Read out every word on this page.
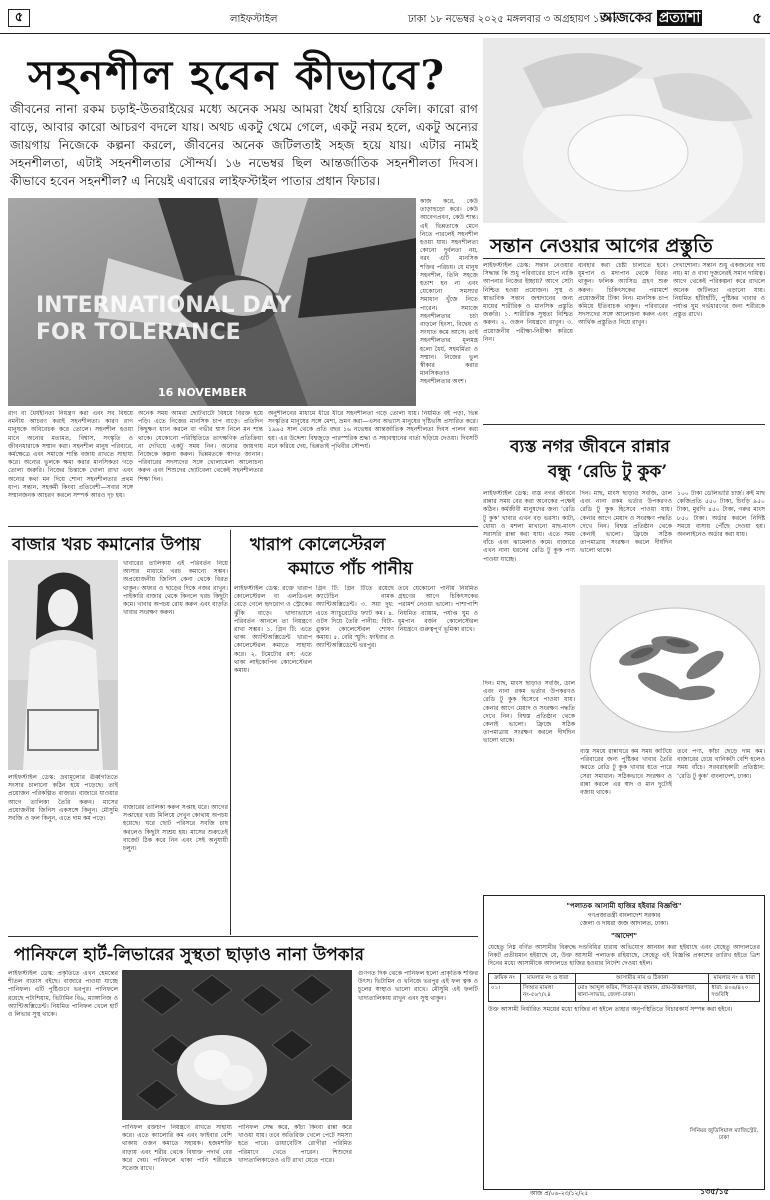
৫	লাইফস্টাইল	ঢাকা ১৮ নভেম্বর ২০২৫ মঙ্গলবার ৩ অগ্রহায়ণ ১৪৩২
আজকের প্রত্যাশা	৫
সহনশীল হবেন কীভাবে?
জীবনের নানা রকম চড়াই-উতরাইয়ের মধ্যে অনেক সময় আমরা ধৈর্য হারিয়ে ফেলি। কারো রাগ বাড়ে, আবার কারো আচরণ বদলে যায়। অথচ একটু থেমে গেলে, একটু নরম হলে, একটু অন্যের জায়গায় নিজেকে কল্পনা করলে, জীবনের অনেক জটিলতাই সহজ হয়ে যায়। এটার নামই সহনশীলতা, এটাই সহনশীলতার সৌন্দর্য। ১৬ নভেম্বর ছিল আন্তর্জাতিক সহনশীলতা দিবস। কীভাবে হবেন সহনশীল? এ নিয়েই এবারের লাইফস্টাইল পাতার প্রধান ফিচার।
INTERNATIONAL DAY
FOR TOLERANCE
16 NOVEMBER
কাজ করে, কেউ তাড়াহুড়ো করে। কেউ আবেগপ্রবণ, কেউ শান্ত। এই ভিন্নতাকে মেনে নিতে পারলেই সহনশীল হওয়া যায়। সহনশীলতা কোনো দুর্বলতা নয়, বরং এটি মানসিক শক্তির পরিচয়। যে মানুষ সহনশীল, তিনি সহজে হতাশ হন না এবং যেকোনো সমস্যার সমাধান খুঁজে নিতে পারেন। সমাজে সহনশীলতার চর্চা বাড়লে হিংসা, বিদ্বেষ ও সংঘাত কমে আসে। তাই সহনশীলতার মূলমন্ত্র হলো ধৈর্য, সহমর্মিতা ও সম্মান। নিজের ভুল স্বীকার করার মানসিকতাও সহনশীলতার অংশ।
রাগ বা ধৈর্যহীনতা নিয়ন্ত্রণ করা এবং সব বিষয়ে নমনীয় আচরণ করাই সহনশীলতা। কারণ রাগ মানুষকে অবিবেচক করে তোলে। সহনশীল হওয়া মানে অন্যের মতামত, বিশ্বাস, সংস্কৃতি ও জীবনধারাকে সম্মান করা। সহনশীল মানুষ পরিবারে, কর্মক্ষেত্রে এবং সমাজে শান্তি বজায় রাখতে সাহায্য করে। অন্যের ভুলকে ক্ষমা করার মানসিকতা গড়ে তোলা জরুরি। নিজের চিন্তাকে খোলা রাখা এবং অন্যের কথা মন দিয়ে শোনা সহনশীলতার প্রথম ধাপ। সন্তান, সহকর্মী কিংবা প্রতিবেশী—সবার সঙ্গে সম্মানজনক আচরণ করলে সম্পর্ক আরও দৃঢ় হয়।
অনেক সময় আমরা ছোটখাটো বিষয়ে বিরক্ত হয়ে পড়ি। এতে নিজের মানসিক চাপ বাড়ে। প্রতিদিন কিছুক্ষণ ধ্যান করলে বা গভীর শ্বাস নিলে মন শান্ত থাকে। যেকোনো পরিস্থিতিতে তাৎক্ষণিক প্রতিক্রিয়া না দেখিয়ে একটু সময় নিন। অন্যের জায়গায় নিজেকে কল্পনা করুন। ভিন্নমতকে স্বাগত জানান। পরিবারের সদস্যদের সঙ্গে খোলামেলা আলোচনা করুন এবং শিশুদের ছোটবেলা থেকেই সহনশীলতার শিক্ষা দিন।
অনুশীলনের মাধ্যমে ধীরে ধীরে সহনশীলতা গড়ে তোলা যায়। নিয়মিত বই পড়া, ভিন্ন সংস্কৃতির মানুষের সঙ্গে মেশা, ভ্রমণ করা—এসব অভ্যাস মানুষের দৃষ্টিভঙ্গি প্রসারিত করে। ১৯৯৫ সাল থেকে প্রতি বছর ১৬ নভেম্বর আন্তর্জাতিক সহনশীলতা দিবস পালন করা হয়। এর উদ্দেশ্য বিশ্বজুড়ে পারস্পরিক শ্রদ্ধা ও সহাবস্থানের বার্তা ছড়িয়ে দেওয়া। দিবসটি মনে করিয়ে দেয়, ভিন্নতাই পৃথিবীর সৌন্দর্য।
সন্তান নেওয়ার আগের প্রস্তুতি
লাইফস্টাইল ডেস্ক: সন্তান নেওয়ার সিদ্ধান্ত কি শুধু পরিবারের চাপে নাকি আপনার নিজের ইচ্ছায়? আগে সেটা নিশ্চিত হওয়া প্রয়োজন। সুস্থ ও স্বাভাবিক সন্তান জন্মদানের জন্য মায়ের শারীরিক ও মানসিক প্রস্তুতি জরুরি। ১. শারীরিক সুস্থতা নিশ্চিত করুন। ২. ওজন নিয়ন্ত্রণে রাখুন। ৩. প্রয়োজনীয় পরীক্ষা-নিরীক্ষা করিয়ে নিন।
ব্যবহার করা চেষ্টা চালাতে হবে। ধূমপান ও মদ্যপান থেকে বিরত থাকুন। ফলিক অ্যাসিড গ্রহণ শুরু করুন। চিকিৎসকের পরামর্শে প্রয়োজনীয় টিকা নিন। মানসিক চাপ কমিয়ে ইতিবাচক থাকুন। পরিবারের সদস্যদের সঙ্গে আলোচনা করুন এবং আর্থিক প্রস্তুতিও নিয়ে রাখুন।
দেখাশোনা। সন্তান শুধু একজনের দায় নয়। মা ও বাবা দুজনেরই সমান দায়িত্ব। আগে থেকেই পরিকল্পনা করে রাখলে অনেক জটিলতা এড়ানো যায়। নিয়মিত হাঁটাহাঁটি, পুষ্টিকর খাবার ও পর্যাপ্ত ঘুম গর্ভধারণের জন্য শরীরকে প্রস্তুত রাখে।
ব্যস্ত নগর জীবনে রান্নার
বন্ধু ‘রেডি টু কুক’
লাইফস্টাইল ডেস্ক: ব্যস্ত নগর জীবনে রান্নার সময় বের করা অনেকের পক্ষেই কঠিন। কর্মজীবী মানুষদের জন্য ‘রেডি টু কুক’ খাবার এখন বড় ভরসা। কাটা, ধোয়া ও মশলা মাখানো মাছ-মাংস সরাসরি রান্না করা যায়। এতে সময় বাঁচে এবং ঝামেলাও কমে। বাজারে এখন নানা ধরনের রেডি টু কুক পণ্য পাওয়া যাচ্ছে।
দিন। মাছ, মাংস ছাড়াও সবজি, ডাল এবং নানা রকম ভর্তার উপকরণও রেডি টু কুক হিসেবে পাওয়া যায়। কেনার আগে মেয়াদ ও সংরক্ষণ পদ্ধতি দেখে নিন। বিশ্বস্ত প্রতিষ্ঠান থেকে কেনাই ভালো। ফ্রিজে সঠিক তাপমাত্রায় সংরক্ষণ করলে দীর্ঘদিন ভালো থাকে।
১০০ টাকা ডেলিভারি চার্জ। রুই মাছ কেজিপ্রতি ৫৫০ টাকা, চিংড়ি ৯৫০ টাকা, মুরগি ৪৫০ টাকা, গরুর মাংস ৮৫০ টাকা। অর্ডার করলে নির্দিষ্ট সময়ে বাসায় পৌঁছে দেওয়া হয়। অনলাইনেও অর্ডার করা যায়।
ব্যস্ত সময়ে রান্নাঘরে কম সময় কাটিয়ে পরিবারের জন্য পুষ্টিকর খাবার তৈরি করতে রেডি টু কুক খাবার হতে পারে সেরা সমাধান। সঠিকভাবে সংরক্ষণ ও রান্না করলে এর স্বাদ ও মান দুটোই বজায় থাকে।
তবে পণ্য, কাঁচা ছেড়ে দাম কম। বাজারের চেয়ে খানিকটা বেশি হলেও সময় বাঁচে। সরবরাহকারী প্রতিষ্ঠান: ‘রেডি টু কুক’ বাংলাদেশ, ঢাকা।
দিন। মাছ, মাংস ছাড়াও সবজি, ডাল এবং নানা রকম ভর্তার উপকরণও রেডি টু কুক হিসেবে পাওয়া যায়। কেনার আগে মেয়াদ ও সংরক্ষণ পদ্ধতি দেখে নিন। বিশ্বস্ত প্রতিষ্ঠান থেকে কেনাই ভালো। ফ্রিজে সঠিক তাপমাত্রায় সংরক্ষণ করলে দীর্ঘদিন ভালো থাকে।
বাজার খরচ কমানোর উপায়
লাইফস্টাইল ডেস্ক: দ্রব্যমূল্যের ঊর্ধ্বগতিতে সংসার চালানো কঠিন হয়ে পড়েছে। তাই প্রয়োজন পরিকল্পিত বাজার। বাজারে যাওয়ার আগে তালিকা তৈরি করুন। মাসের প্রয়োজনীয় জিনিস একসঙ্গে কিনুন। মৌসুমি সবজি ও ফল কিনুন, এতে দাম কম পড়ে।
খাবারের তালিকায় এই পরিবর্তন নিয়ে আসার মাধ্যমে খরচ কমানো সম্ভব। অপ্রয়োজনীয় জিনিস কেনা থেকে বিরত থাকুন। অফার ও ছাড়ের দিকে নজর রাখুন। পাইকারি বাজার থেকে কিনলে খরচ কিছুটা কমে। খাবার অপচয় রোধ করুন এবং বাড়তি খাবার সংরক্ষণ করুন।
বাজারের তালিকা করুন সপ্তাহ ধরে। আগের সপ্তাহের খরচ মিলিয়ে দেখুন কোথায় অপচয় হয়েছে। ঘরে ছোট পরিসরে সবজি চাষ করলেও কিছুটা সাশ্রয় হয়। মাসের শুরুতেই বাজেট ঠিক করে নিন এবং সেই অনুযায়ী চলুন।
খারাপ কোলেস্টেরল
কমাতে পাঁচ পানীয়
লাইফস্টাইল ডেস্ক: রক্তে খারাপ কোলেস্টেরল বা এলডিএল বেড়ে গেলে হৃদরোগ ও স্ট্রোকের ঝুঁকি বাড়ে। খাদ্যাভ্যাসে পরিবর্তন আনলে তা নিয়ন্ত্রণে রাখা সম্ভব। ১. গ্রিন টি: এতে থাকা অ্যান্টিঅক্সিডেন্ট খারাপ কোলেস্টেরল কমাতে সাহায্য করে। ২. টমেটোর রস: এতে থাকা লাইকোপিন কোলেস্টেরল কমায়।
গ্রিন টি: গ্রিন টিতে রয়েছে ক্যাটেচিন নামক অ্যান্টিঅক্সিডেন্ট। ৩. সয়া দুধ: এতে স্যাচুরেটেড ফ্যাট কম। ৪. ওটস দিয়ে তৈরি পানীয়: বিটা-গ্লুকান কোলেস্টেরল শোষণ কমায়। ৫. বেরি স্মুদি: ফাইবার ও অ্যান্টিঅক্সিডেন্টে ভরপুর।
তবে যেকোনো পানীয় নিয়মিত গ্রহণের আগে চিকিৎসকের পরামর্শ নেওয়া ভালো। পাশাপাশি নিয়মিত ব্যায়াম, পর্যাপ্ত ঘুম ও ধূমপান বর্জন কোলেস্টেরল নিয়ন্ত্রণে গুরুত্বপূর্ণ ভূমিকা রাখে।
পানিফলে হার্ট-লিভারের সুস্থতা ছাড়াও নানা উপকার
লাইফস্টাইল ডেস্ক: প্রকৃতিতে এখন হেমন্তের শীতল বাতাস বইছে। বাজারে পাওয়া যাচ্ছে পানিফল। এটি পুষ্টিগুণে ভরপুর। পানিফলে রয়েছে পটাশিয়াম, ভিটামিন বি৬, ম্যাঙ্গানিজ ও অ্যান্টিঅক্সিডেন্ট। নিয়মিত পানিফল খেলে হার্ট ও লিভার সুস্থ থাকে।
পানিফল রক্তচাপ নিয়ন্ত্রণে রাখতে সাহায্য করে। এতে ক্যালোরি কম এবং ফাইবার বেশি থাকায় ওজন কমাতে সহায়ক। হজমশক্তি বাড়ায় এবং শরীর থেকে বিষাক্ত পদার্থ বের করে দেয়। পানিফলে থাকা পানি শরীরকে সতেজ রাখে।
পানিফল সেদ্ধ করে, কাঁচা কিংবা রান্না করে খাওয়া যায়। তবে অতিরিক্ত খেলে পেটে সমস্যা হতে পারে। ডায়াবেটিস রোগীরা পরিমিত পরিমাণে খেতে পারেন। শিশুদের খাদ্যতালিকাতেও এটি রাখা যেতে পারে।
গুণগত দিক থেকে পানিফল হলো প্রাকৃতিক শক্তির উৎস। ভিটামিন ও খনিজে ভরপুর এই ফল ত্বক ও চুলের স্বাস্থ্যও ভালো রাখে। মৌসুমি এই ফলটি খাদ্যতালিকায় রাখুন এবং সুস্থ থাকুন।
"পলাতক আসামী হাজির হইবার বিজ্ঞপ্তি"
গণপ্রজাতন্ত্রী বাংলাদেশ সরকার
জেলা ও দায়রা জজ আদালত, ঢাকা।
"আদেশ"
যেহেতু নিম্ন বর্ণিত আসামীর বিরুদ্ধে দণ্ডবিধির ধারায় অভিযোগ আনয়ন করা হইয়াছে এবং যেহেতু আদালতের নিকট প্রতীয়মান হইয়াছে যে, উক্ত আসামী পলাতক রহিয়াছে, সেহেতু এই বিজ্ঞপ্তি প্রকাশের তারিখ হইতে ত্রিশ দিনের মধ্যে আসামীকে আদালতে হাজির হওয়ার নির্দেশ দেওয়া হইল।
ক্রমিক নং	মামলার নং ও ধারা	আসামীর নাম ও ঠিকানা	মামলার নং ও ধারা
০১।	সিআর মামলা নং-৫৬৭/২৪	মোঃ আব্দুল করিম, পিতা-মৃত রহমান, গ্রাম-উত্তরপাড়া, থানা-সাভার, জেলা-ঢাকা।	ধারা: ৪০৬/৪২০ দণ্ডবিধি
উক্ত আসামী নির্ধারিত সময়ের মধ্যে হাজির না হইলে তাহার অনুপস্থিতিতে বিচারকার্য সম্পন্ন করা হইবে।
সিনিয়র জুডিসিয়াল ম্যাজিস্ট্রেট, ঢাকা
আজ প্র/০৬-২৩/১২/২৫	১৩৫/১৫
